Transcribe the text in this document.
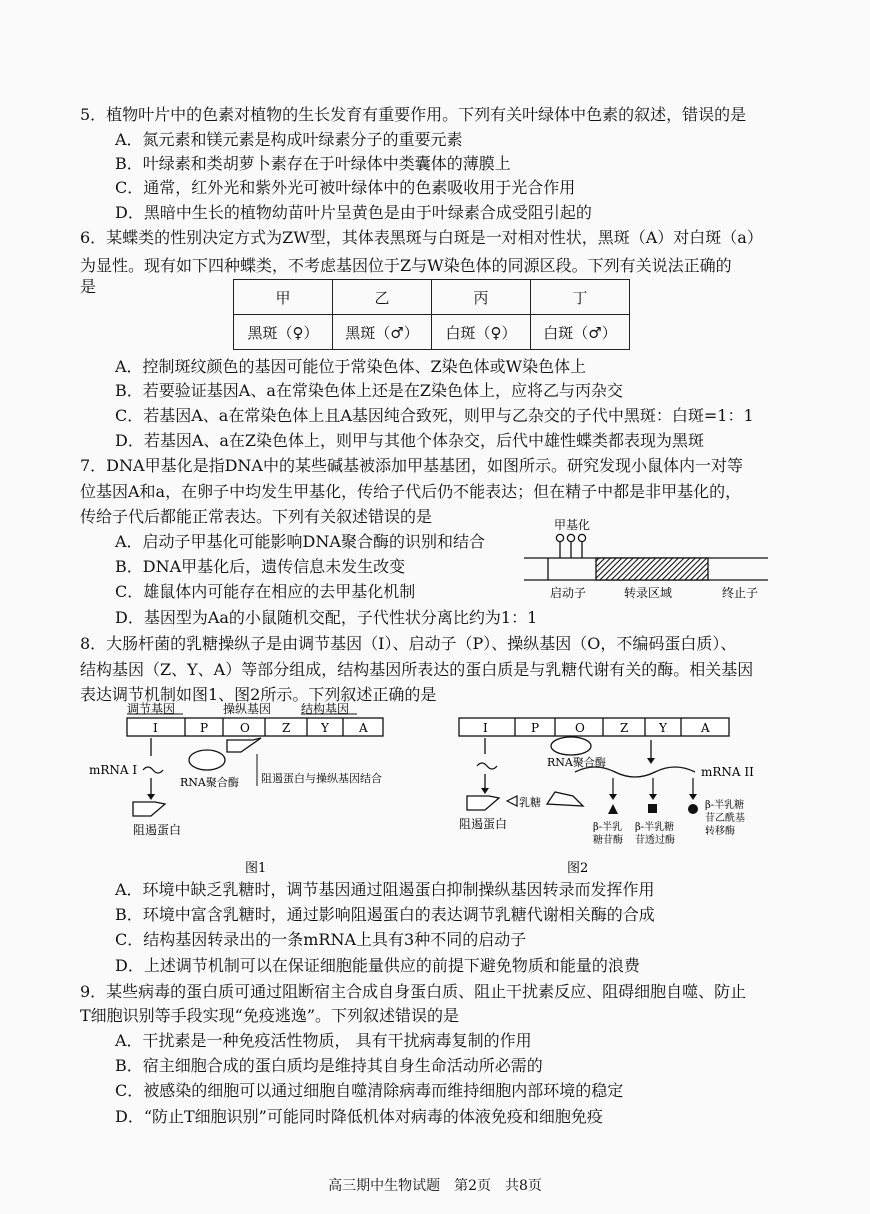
5．植物叶片中的色素对植物的生长发育有重要作用。下列有关叶绿体中色素的叙述，错误的是
A．氮元素和镁元素是构成叶绿素分子的重要元素
B．叶绿素和类胡萝卜素存在于叶绿体中类囊体的薄膜上
C．通常，红外光和紫外光可被叶绿体中的色素吸收用于光合作用
D．黑暗中生长的植物幼苗叶片呈黄色是由于叶绿素合成受阻引起的
6．某蝶类的性别决定方式为ZW型，其体表黑斑与白斑是一对相对性状，黑斑（A）对白斑（a）
为显性。现有如下四种蝶类，不考虑基因位于Z与W染色体的同源区段。下列有关说法正确的
是
甲	乙	丙	丁
黑斑（♀）	黑斑（♂）	白斑（♀）	白斑（♂）
A．控制斑纹颜色的基因可能位于常染色体、Z染色体或W染色体上
B．若要验证基因A、a在常染色体上还是在Z染色体上，应将乙与丙杂交
C．若基因A、a在常染色体上且A基因纯合致死，则甲与乙杂交的子代中黑斑：白斑=1：1
D．若基因A、a在Z染色体上，则甲与其他个体杂交，后代中雄性蝶类都表现为黑斑
7．DNA甲基化是指DNA中的某些碱基被添加甲基基团，如图所示。研究发现小鼠体内一对等
位基因A和a，在卵子中均发生甲基化，传给子代后仍不能表达；但在精子中都是非甲基化的，
传给子代后都能正常表达。下列有关叙述错误的是
A．启动子甲基化可能影响DNA聚合酶的识别和结合
B．DNA甲基化后，遗传信息未发生改变
C．雄鼠体内可能存在相应的去甲基化机制
D．基因型为Aa的小鼠随机交配，子代性状分离比约为1：1
甲基化
启动子	转录区域	终止子
8．大肠杆菌的乳糖操纵子是由调节基因（I）、启动子（P）、操纵基因（O，不编码蛋白质）、
结构基因（Z、Y、A）等部分组成，结构基因所表达的蛋白质是与乳糖代谢有关的酶。相关基因
表达调节机制如图1、图2所示。下列叙述正确的是
调节基因	操纵基因 结构基因
I	P	O	Z	Y	A
RNA聚合酶 阻遏蛋白与操纵基因结合
mRNA I
阻遏蛋白
图1
I	P	O	Z	Y	A
RNA聚合酶
mRNA II
乳糖
阻遏蛋白	β-半乳
糖苷酶
β-半乳糖
苷透过酶
β-半乳糖
苷乙酰基
转移酶
图2
A．环境中缺乏乳糖时，调节基因通过阻遏蛋白抑制操纵基因转录而发挥作用
B．环境中富含乳糖时，通过影响阻遏蛋白的表达调节乳糖代谢相关酶的合成
C．结构基因转录出的一条mRNA上具有3种不同的启动子
D．上述调节机制可以在保证细胞能量供应的前提下避免物质和能量的浪费
9．某些病毒的蛋白质可通过阻断宿主合成自身蛋白质、阻止干扰素反应、阻碍细胞自噬、防止
T细胞识别等手段实现“免疫逃逸”。下列叙述错误的是
A．干扰素是一种免疫活性物质， 具有干扰病毒复制的作用
B．宿主细胞合成的蛋白质均是维持其自身生命活动所必需的
C．被感染的细胞可以通过细胞自噬清除病毒而维持细胞内部环境的稳定
D．“防止T细胞识别”可能同时降低机体对病毒的体液免疫和细胞免疫
高三期中生物试题　第2页　共8页
